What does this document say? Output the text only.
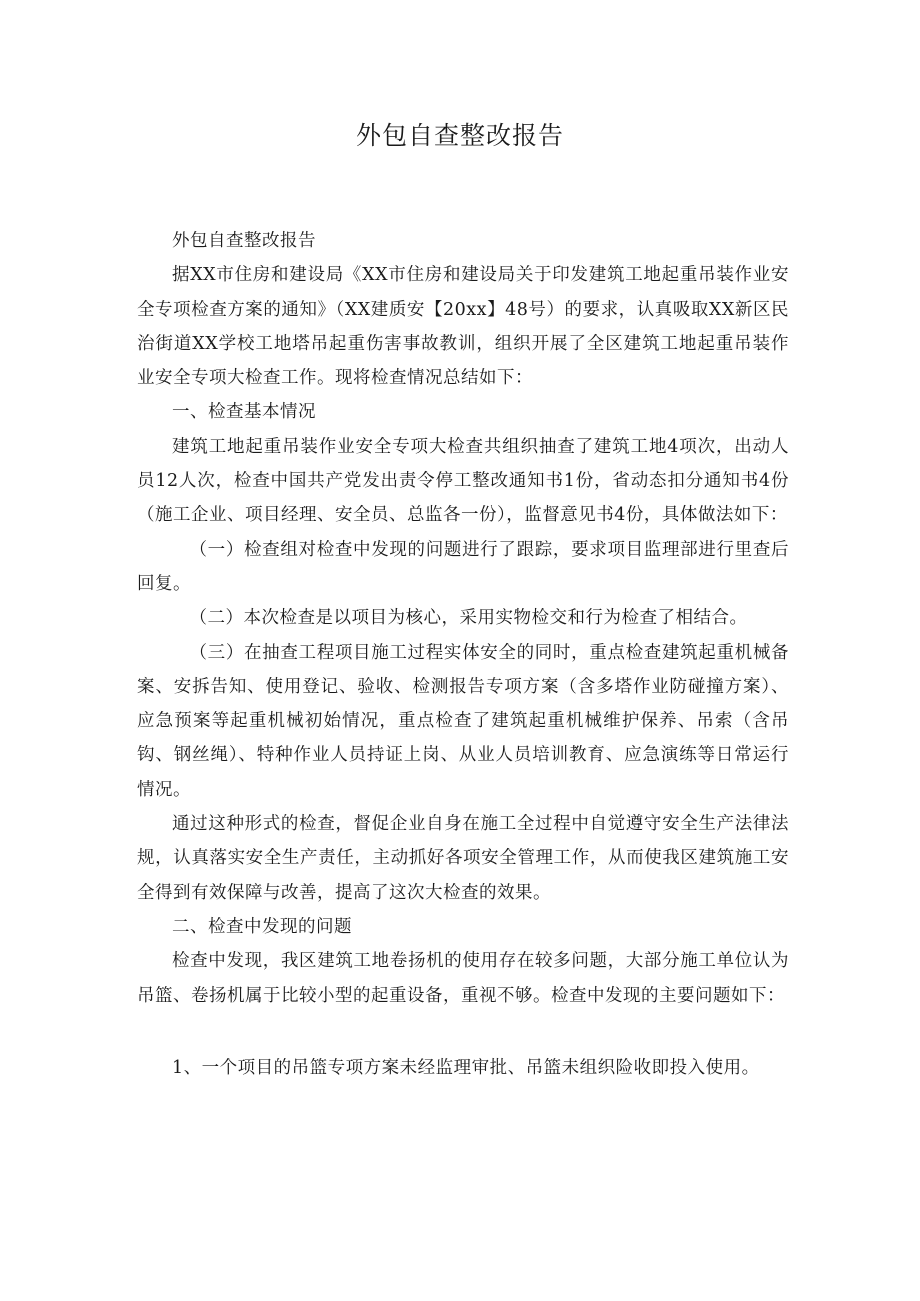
外包自查整改报告

外包自查整改报告

据XX市住房和建设局《XX市住房和建设局关于印发建筑工地起重吊装作业安全专项检查方案的通知》（XX建质安【20xx】48号）的要求，认真吸取XX新区民治街道XX学校工地塔吊起重伤害事故教训，组织开展了全区建筑工地起重吊装作业安全专项大检查工作。现将检查情况总结如下：

一、检查基本情况

建筑工地起重吊装作业安全专项大检查共组织抽查了建筑工地4项次，出动人员12人次，检查中国共产党发出责令停工整改通知书1份，省动态扣分通知书4份（施工企业、项目经理、安全员、总监各一份），监督意见书4份，具体做法如下：

（一）检查组对检查中发现的问题进行了跟踪，要求项目监理部进行里查后回复。

（二）本次检查是以项目为核心，采用实物检交和行为检查了相结合。

（三）在抽查工程项目施工过程实体安全的同时，重点检查建筑起重机械备案、安拆告知、使用登记、验收、检测报告专项方案（含多塔作业防碰撞方案）、应急预案等起重机械初始情况，重点检查了建筑起重机械维护保养、吊索（含吊钩、钢丝绳）、特种作业人员持证上岗、从业人员培训教育、应急演练等日常运行情况。

通过这种形式的检查，督促企业自身在施工全过程中自觉遵守安全生产法律法规，认真落实安全生产责任，主动抓好各项安全管理工作，从而使我区建筑施工安全得到有效保障与改善，提高了这次大检查的效果。

二、检查中发现的问题

检查中发现，我区建筑工地卷扬机的使用存在较多问题，大部分施工单位认为吊篮、卷扬机属于比较小型的起重设备，重视不够。检查中发现的主要问题如下：

1、一个项目的吊篮专项方案未经监理审批、吊篮未组织险收即投入使用。
